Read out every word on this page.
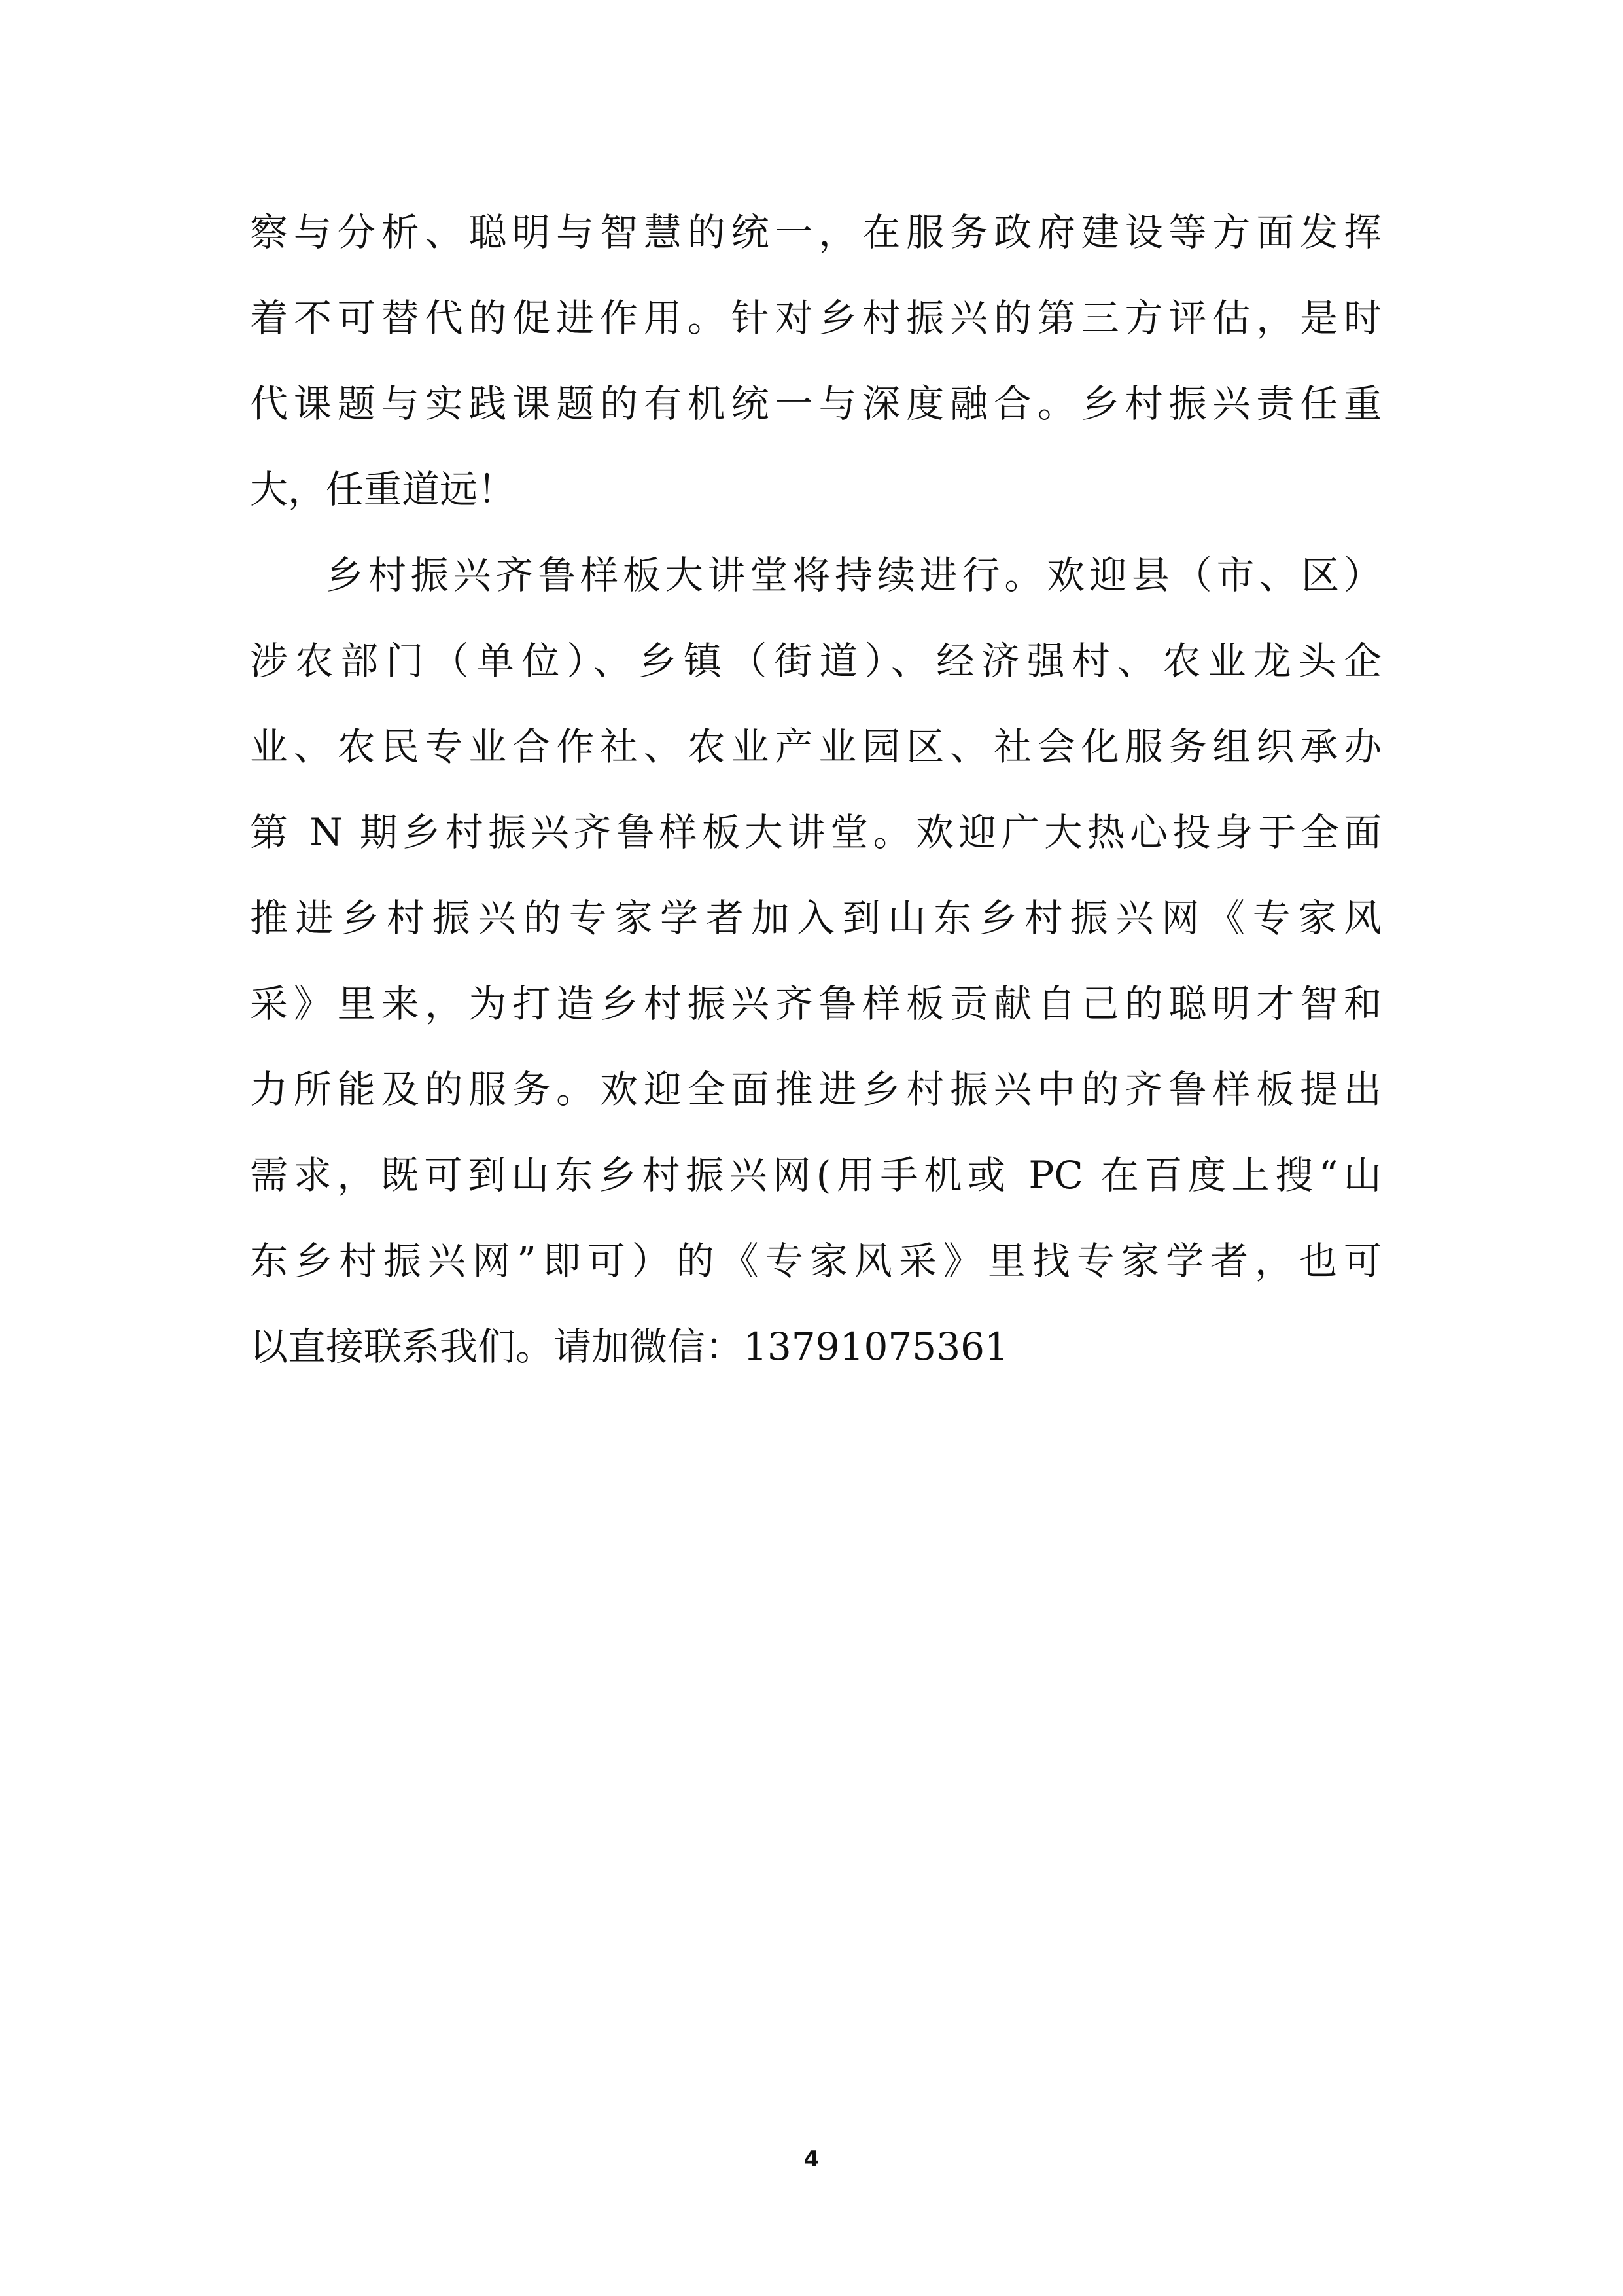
察与分析、聪明与智慧的统一，在服务政府建设等方面发挥
着不可替代的促进作用。针对乡村振兴的第三方评估，是时
代课题与实践课题的有机统一与深度融合。乡村振兴责任重
大，任重道远！
乡村振兴齐鲁样板大讲堂将持续进行。欢迎县（市、区）
涉农部门（单位）、乡镇（街道）、经济强村、农业龙头企
业、农民专业合作社、农业产业园区、社会化服务组织承办
第 N 期乡村振兴齐鲁样板大讲堂。欢迎广大热心投身于全面
推进乡村振兴的专家学者加入到山东乡村振兴网《专家风
采》里来，为打造乡村振兴齐鲁样板贡献自己的聪明才智和
力所能及的服务。欢迎全面推进乡村振兴中的齐鲁样板提出
需求，既可到山东乡村振兴网(用手机或 PC 在百度上搜“山
东乡村振兴网”即可）的《专家风采》里找专家学者，也可
以直接联系我们。请加微信：13791075361
4
